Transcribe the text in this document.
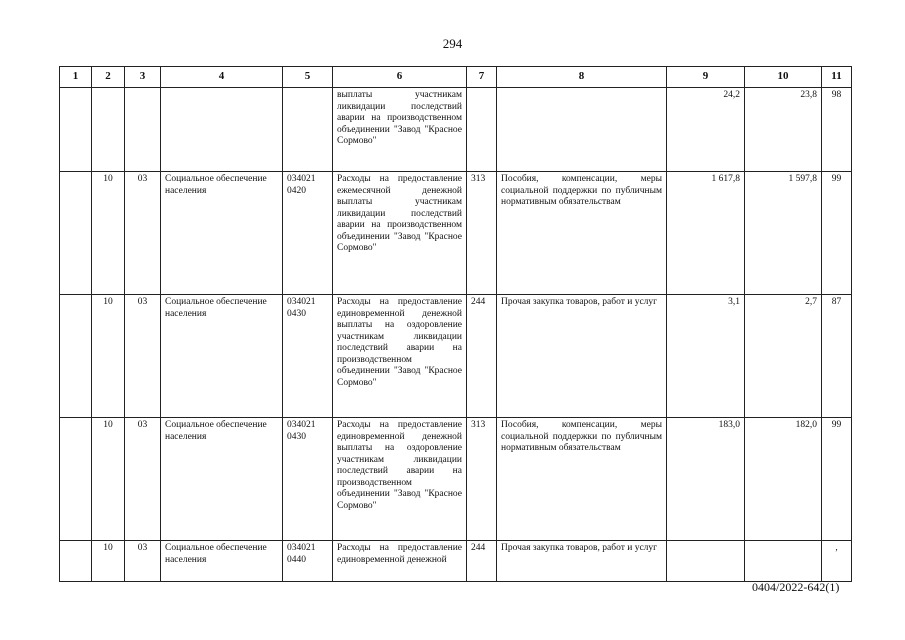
294
1	2	3	4	5	6	7	8	9	10	11
					выплаты участникам ликвидации последствий аварии на производственном объединении "Завод "Красное Сормово"			24,2	23,8	98
	10	03	Социальное обеспечение населения	034021 0420	Расходы на предоставление ежемесячной денежной выплаты участникам ликвидации последствий аварии на производственном объединении "Завод "Красное Сормово"	313	Пособия, компенсации, меры социальной поддержки по публичным нормативным обязательствам	1 617,8	1 597,8	99
	10	03	Социальное обеспечение населения	034021 0430	Расходы на предоставление единовременной денежной выплаты на оздоровление участникам ликвидации последствий аварии на производственном объединении "Завод "Красное Сормово"	244	Прочая закупка товаров, работ и услуг	3,1	2,7	87
	10	03	Социальное обеспечение населения	034021 0430	Расходы на предоставление единовременной денежной выплаты на оздоровление участникам ликвидации последствий аварии на производственном объединении "Завод "Красное Сормово"	313	Пособия, компенсации, меры социальной поддержки по публичным нормативным обязательствам	183,0	182,0	99
	10	03	Социальное обеспечение населения	034021 0440	Расходы на предоставление единовременной денежной	244	Прочая закупка товаров, работ и услуг			,
0404/2022-642(1)
